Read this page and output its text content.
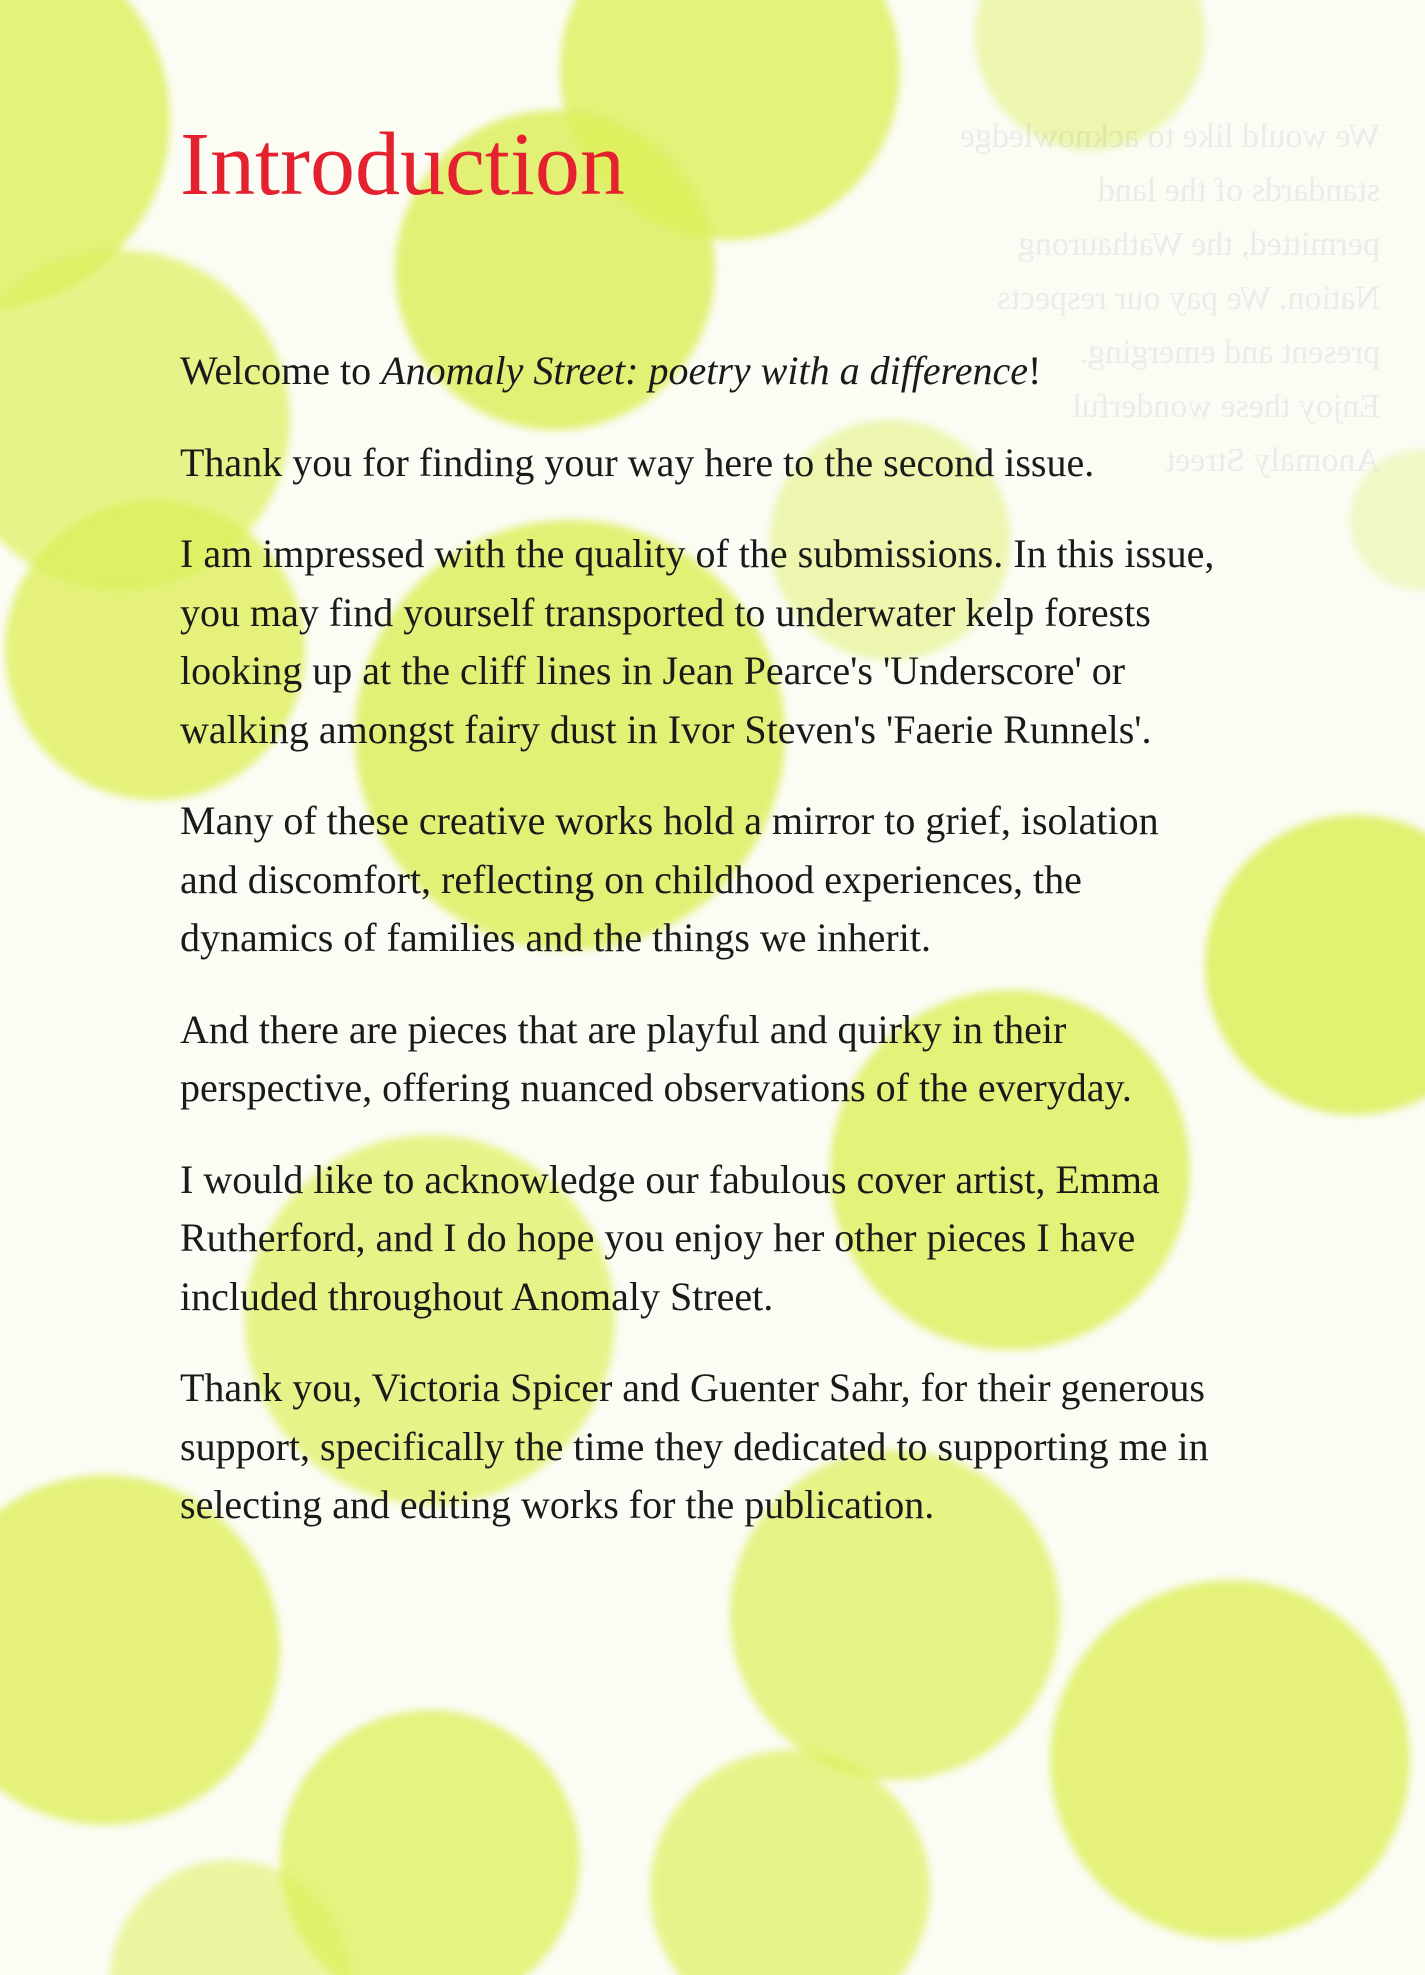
We would like to acknowledge
standards of the land
permitted, the Wathaurong
Nation. We pay our respects
present and emerging.
Enjoy these wonderful
Anomaly Street
Introduction

Welcome to Anomaly Street: poetry with a difference!

Thank you for finding your way here to the second issue.

I am impressed with the quality of the submissions. In this issue, you may find yourself transported to underwater kelp forests looking up at the cliff lines in Jean Pearce's 'Underscore' or walking amongst fairy dust in Ivor Steven's 'Faerie Runnels'.

Many of these creative works hold a mirror to grief, isolation and discomfort, reflecting on childhood experiences, the dynamics of families and the things we inherit.

And there are pieces that are playful and quirky in their perspective, offering nuanced observations of the everyday.

I would like to acknowledge our fabulous cover artist, Emma Rutherford, and I do hope you enjoy her other pieces I have included throughout Anomaly Street.

Thank you, Victoria Spicer and Guenter Sahr, for their generous support, specifically the time they dedicated to supporting me in selecting and editing works for the publication.
